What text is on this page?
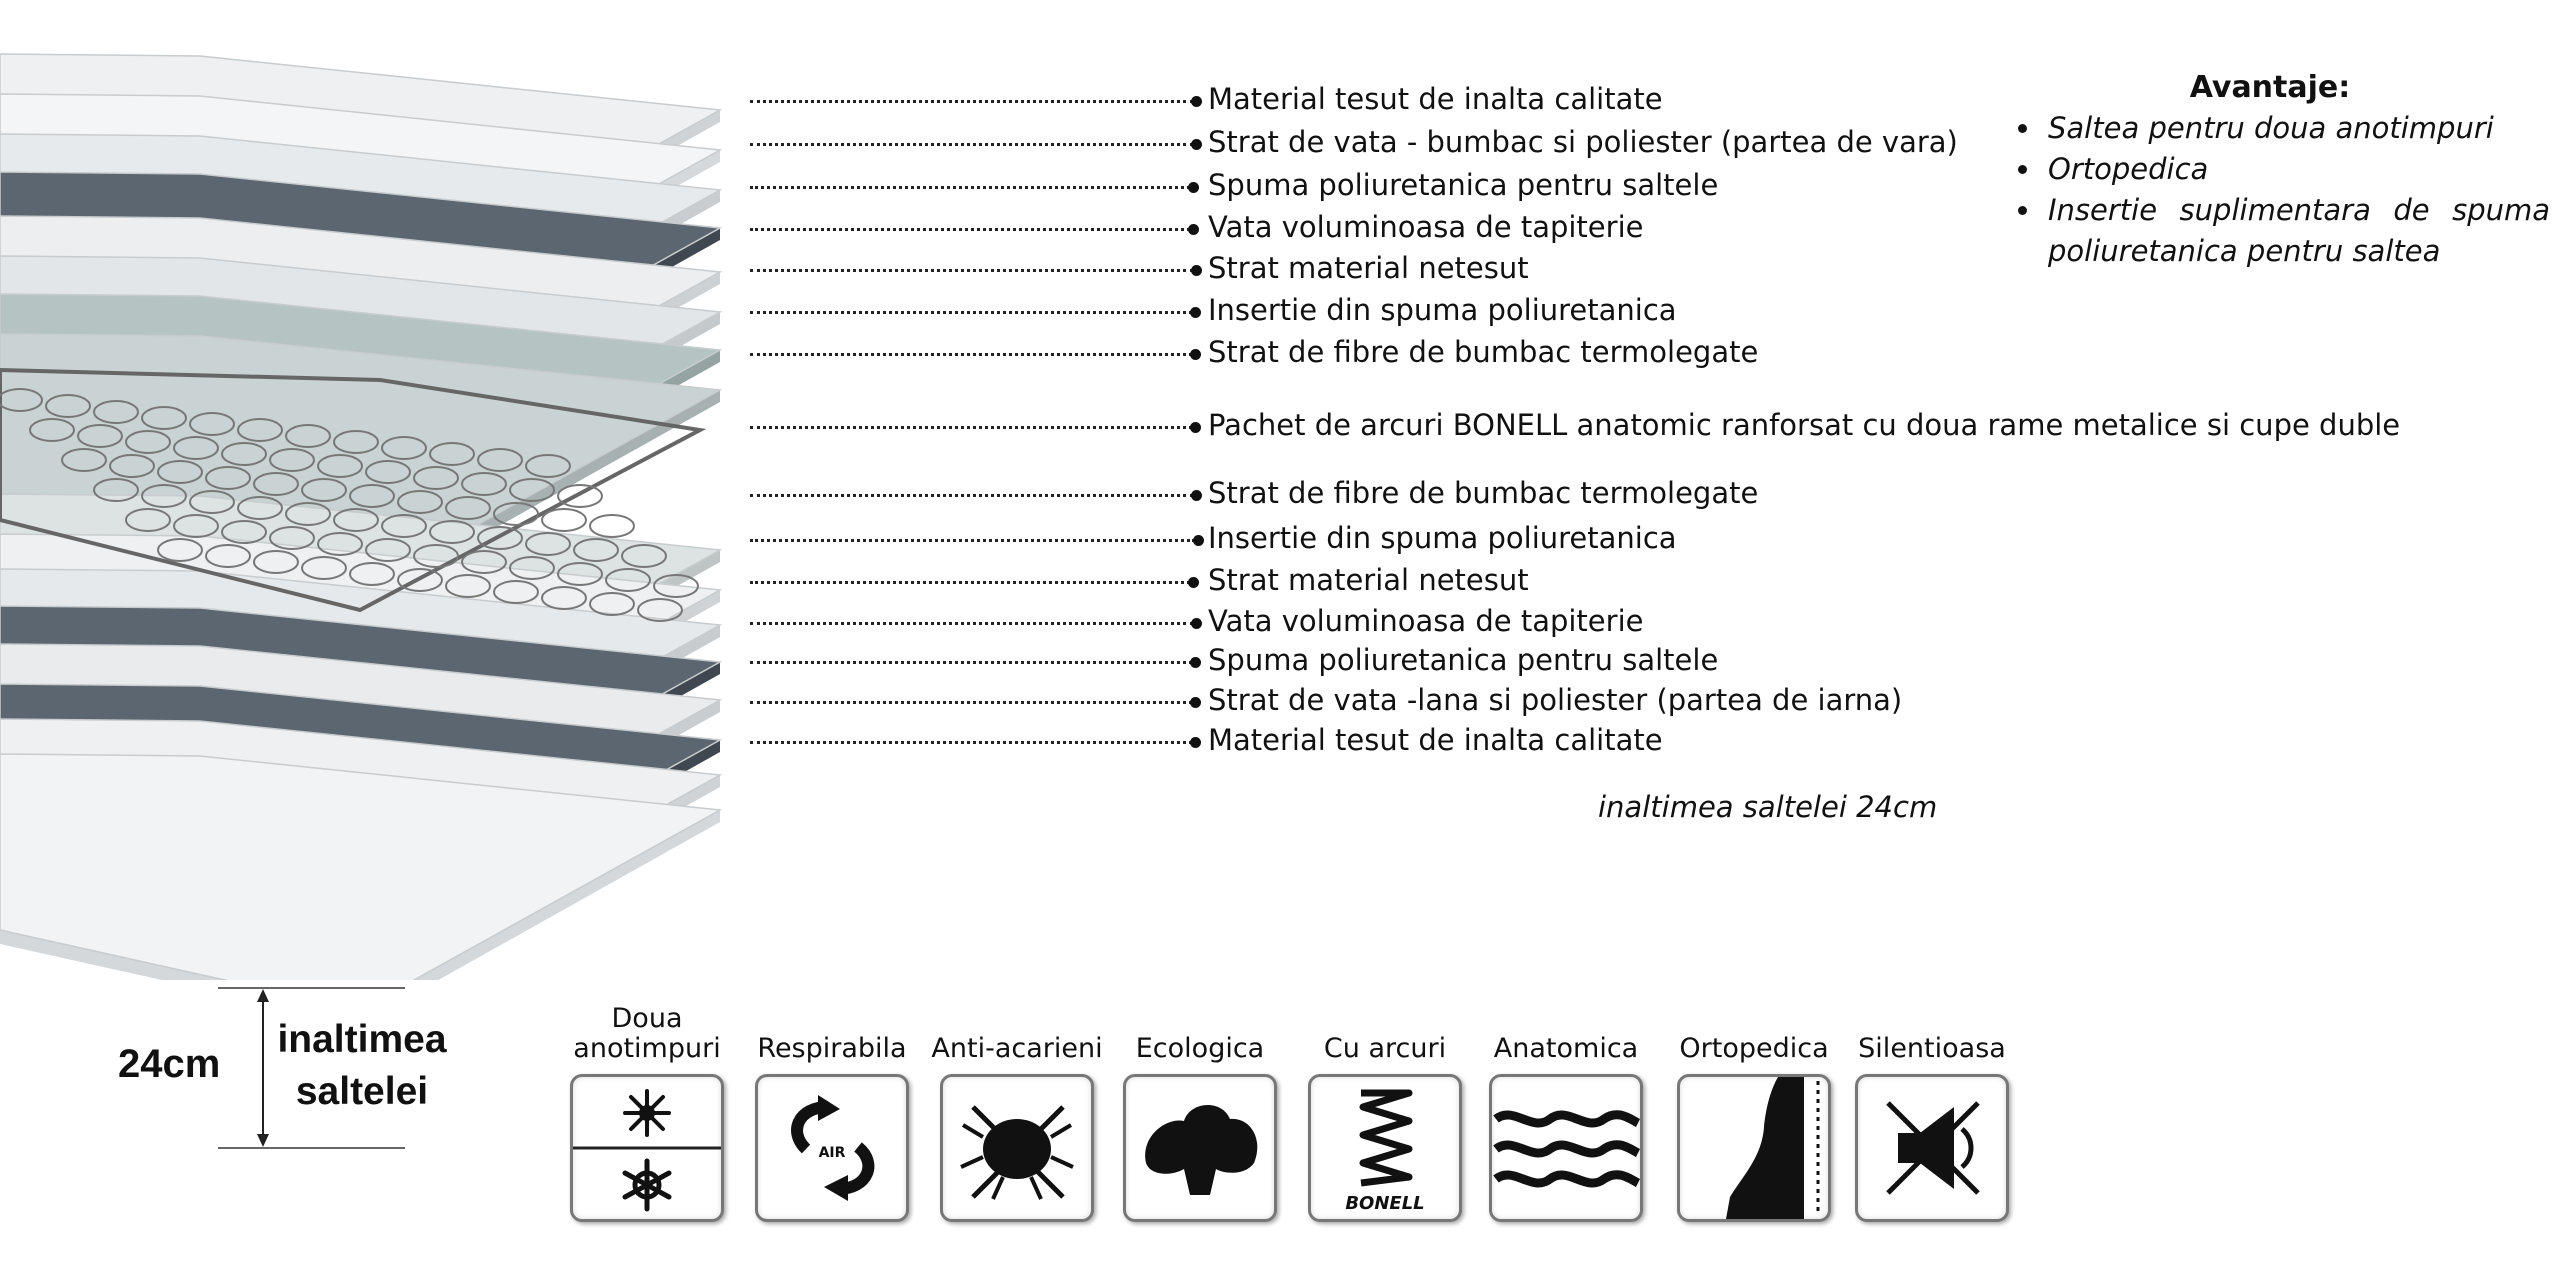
Material tesut de inalta calitate
Strat de vata - bumbac si poliester (partea de vara)
Spuma poliuretanica pentru saltele
Vata voluminoasa de tapiterie
Strat material netesut
Insertie din spuma poliuretanica
Strat de fibre de bumbac termolegate
Pachet de arcuri BONELL anatomic ranforsat cu doua rame metalice si cupe duble
Strat de fibre de bumbac termolegate
Insertie din spuma poliuretanica
Strat material netesut
Vata voluminoasa de tapiterie
Spuma poliuretanica pentru saltele
Strat de vata -lana si poliester (partea de iarna)
Material tesut de inalta calitate
Avantaje:
Saltea pentru doua anotimpuri
Ortopedica
Insertie suplimentara de spuma poliuretanica pentru saltea
inaltimea saltelei 24cm
24cm
inaltimea
saltelei
Doua anotimpuri	Respirabila
AIR
Anti-acarieni	Ecologica	Cu arcuri
BONELL
Anatomica	Ortopedica	Silentioasa
